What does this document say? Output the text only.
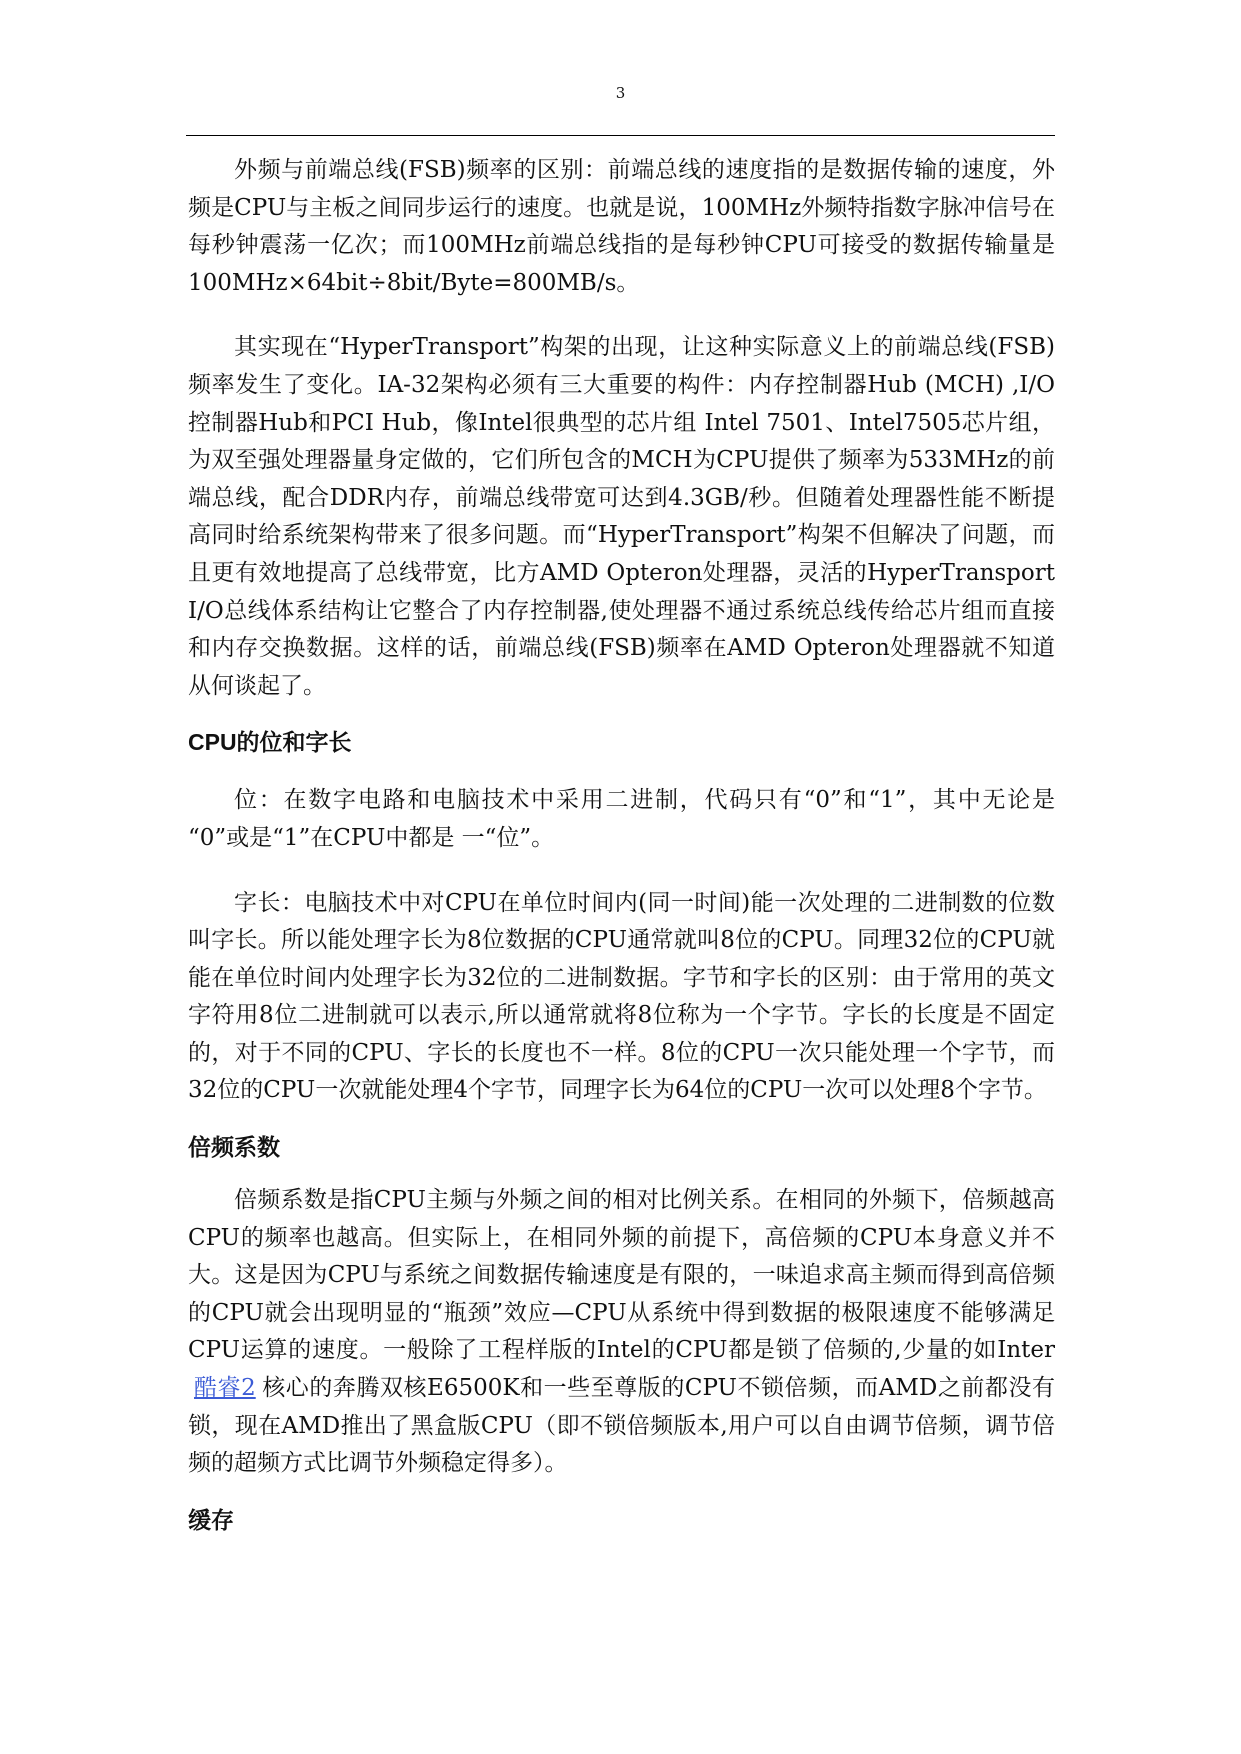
3

外频与前端总线(FSB)频率的区别：前端总线的速度指的是数据传输的速度，外频是CPU与主板之间同步运行的速度。也就是说，100MHz外频特指数字脉冲信号在每秒钟震荡一亿次；而100MHz前端总线指的是每秒钟CPU可接受的数据传输量是100MHz×64bit÷8bit/Byte=800MB/s。

其实现在“HyperTransport”构架的出现，让这种实际意义上的前端总线(FSB)频率发生了变化。IA-32架构必须有三大重要的构件：内存控制器Hub (MCH) ,I/O控制器Hub和PCI Hub，像Intel很典型的芯片组 Intel 7501、Intel7505芯片组，为双至强处理器量身定做的，它们所包含的MCH为CPU提供了频率为533MHz的前端总线，配合DDR内存，前端总线带宽可达到4.3GB/秒。但随着处理器性能不断提高同时给系统架构带来了很多问题。而“HyperTransport”构架不但解决了问题，而且更有效地提高了总线带宽，比方AMD Opteron处理器，灵活的HyperTransport I/O总线体系结构让它整合了内存控制器,使处理器不通过系统总线传给芯片组而直接和内存交换数据。这样的话，前端总线(FSB)频率在AMD Opteron处理器就不知道从何谈起了。

CPU的位和字长

位：在数字电路和电脑技术中采用二进制，代码只有“0”和“1”，其中无论是 “0”或是“1”在CPU中都是 一“位”。

字长：电脑技术中对CPU在单位时间内(同一时间)能一次处理的二进制数的位数叫字长。所以能处理字长为8位数据的CPU通常就叫8位的CPU。同理32位的CPU就能在单位时间内处理字长为32位的二进制数据。字节和字长的区别：由于常用的英文字符用8位二进制就可以表示,所以通常就将8位称为一个字节。字长的长度是不固定的，对于不同的CPU、字长的长度也不一样。8位的CPU一次只能处理一个字节，而32位的CPU一次就能处理4个字节，同理字长为64位的CPU一次可以处理8个字节。

倍频系数

倍频系数是指CPU主频与外频之间的相对比例关系。在相同的外频下，倍频越高CPU的频率也越高。但实际上，在相同外频的前提下，高倍频的CPU本身意义并不大。这是因为CPU与系统之间数据传输速度是有限的，一味追求高主频而得到高倍频的CPU就会出现明显的“瓶颈”效应—CPU从系统中得到数据的极限速度不能够满足CPU运算的速度。一般除了工程样版的Intel的CPU都是锁了倍频的,少量的如Inter酷睿2 核心的奔腾双核E6500K和一些至尊版的CPU不锁倍频，而AMD之前都没有锁，现在AMD推出了黑盒版CPU（即不锁倍频版本,用户可以自由调节倍频，调节倍频的超频方式比调节外频稳定得多）。

缓存
